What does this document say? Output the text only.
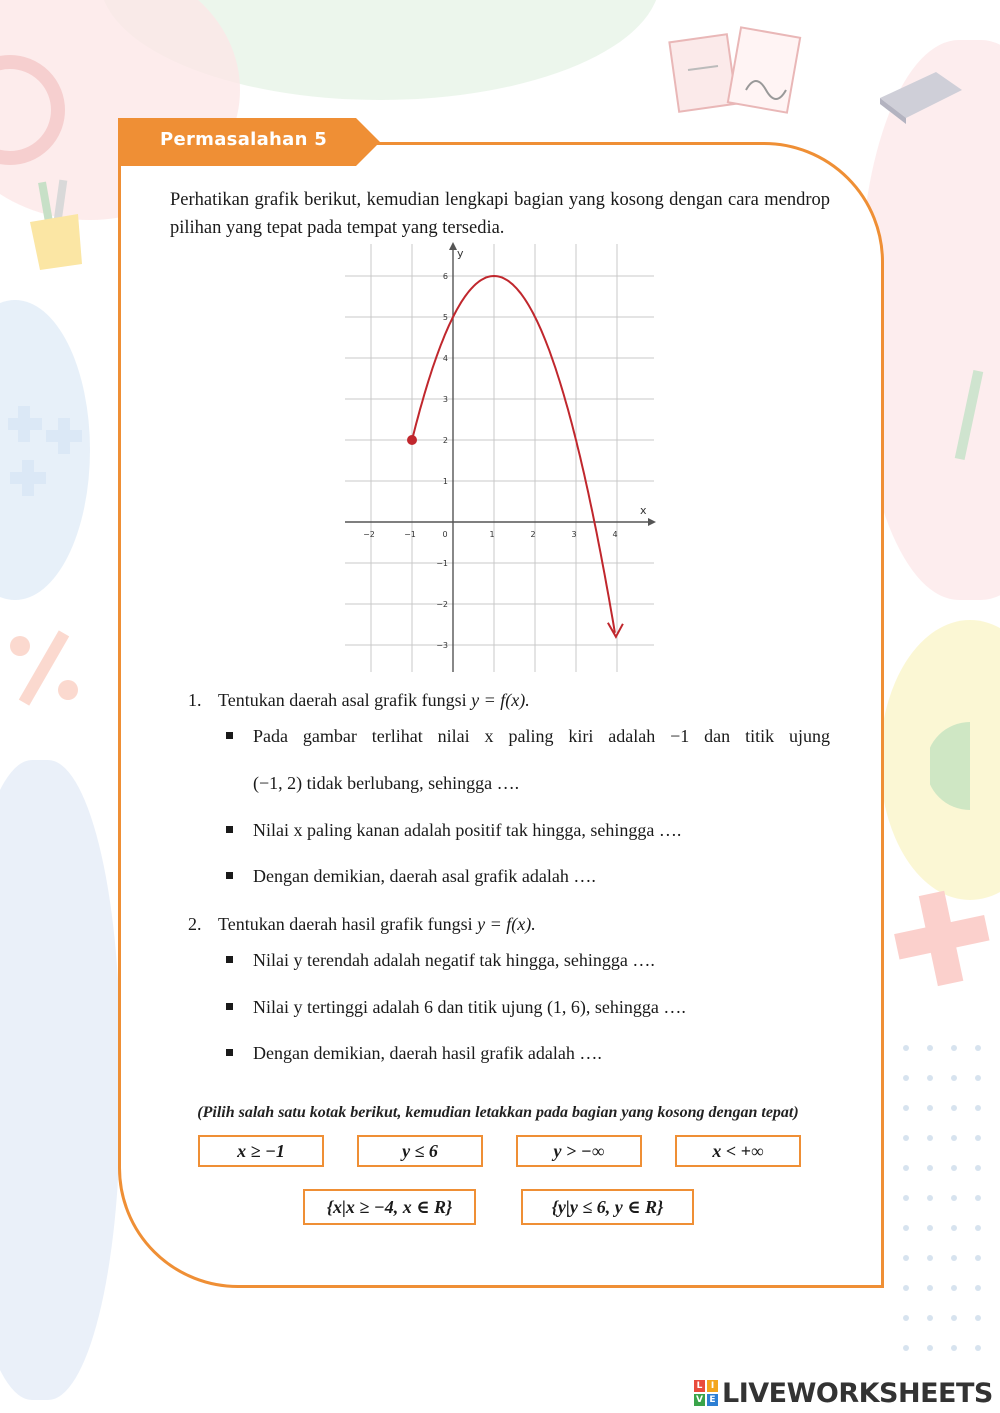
Permasalahan 5
Perhatikan grafik berikut, kemudian lengkapi bagian yang kosong dengan cara mendrop pilihan yang tepat pada tempat yang tersedia.
x
y
−2	−1	0	1	2	3	4
6
5
4
3
2
1
−1
−2
−3
1. Tentukan daerah asal grafik fungsi y = f(x).
Pada gambar terlihat nilai x paling kiri adalah −1 dan titik ujung
(−1, 2) tidak berlubang, sehingga ….
Nilai x paling kanan adalah positif tak hingga, sehingga ….
Dengan demikian, daerah asal grafik adalah ….
2. Tentukan daerah hasil grafik fungsi y = f(x).
Nilai y terendah adalah negatif tak hingga, sehingga ….
Nilai y tertinggi adalah 6 dan titik ujung (1, 6), sehingga ….
Dengan demikian, daerah hasil grafik adalah ….
(Pilih salah satu kotak berikut, kemudian letakkan pada bagian yang kosong dengan tepat)
x ≥ −1	y ≤ 6	y > −∞	x < +∞
{x|x ≥ −4, x ∈ R}	{y|y ≤ 6, y ∈ R}
L I
V E LIVEWORKSHEETS
